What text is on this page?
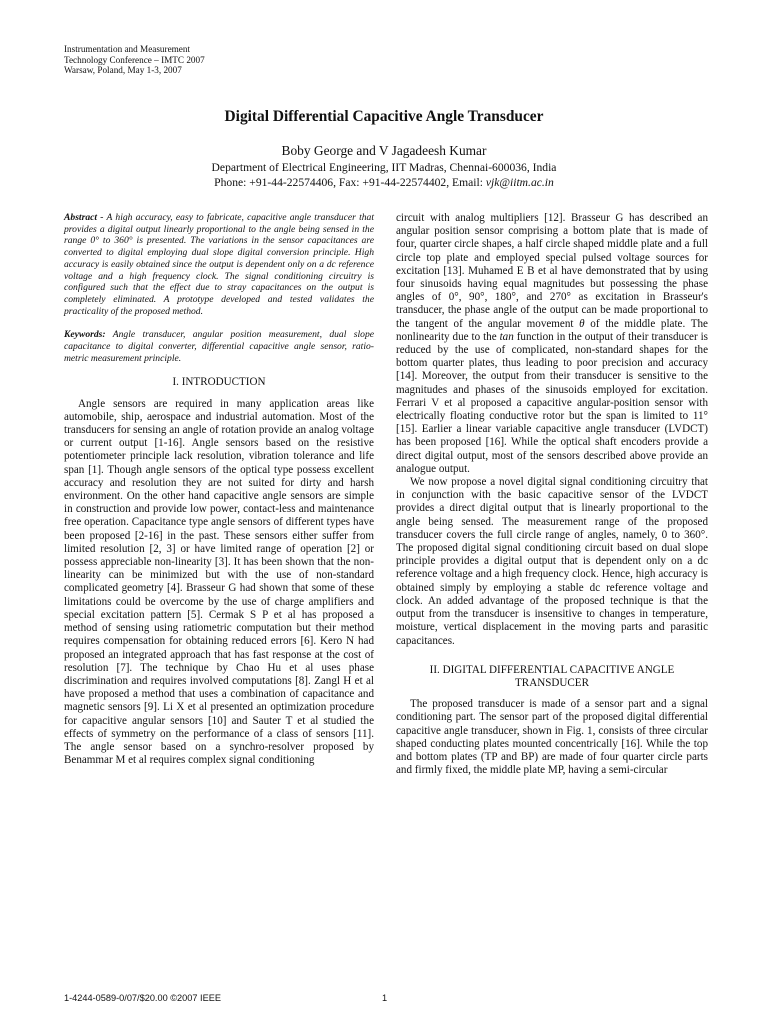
Instrumentation and Measurement
Technology Conference – IMTC 2007
Warsaw, Poland, May 1-3, 2007
Digital Differential Capacitive Angle Transducer
Boby George and V Jagadeesh Kumar
Department of Electrical Engineering, IIT Madras, Chennai-600036, India
Phone: +91-44-22574406, Fax: +91-44-22574402, Email: vjk@iitm.ac.in

Abstract - A high accuracy, easy to fabricate, capacitive angle transducer that provides a digital output linearly proportional to the angle being sensed in the range 0° to 360° is presented. The variations in the sensor capacitances are converted to digital employing dual slope digital conversion principle. High accuracy is easily obtained since the output is dependent only on a dc reference voltage and a high frequency clock. The signal conditioning circuitry is configured such that the effect due to stray capacitances on the output is completely eliminated. A prototype developed and tested validates the practicality of the proposed method.

Keywords: Angle transducer, angular position measurement, dual slope capacitance to digital converter, differential capacitive angle sensor, ratio-metric measurement principle.

I. INTRODUCTION

Angle sensors are required in many application areas like automobile, ship, aerospace and industrial automation. Most of the transducers for sensing an angle of rotation provide an analog voltage or current output [1-16]. Angle sensors based on the resistive potentiometer principle lack resolution, vibration tolerance and life span [1]. Though angle sensors of the optical type possess excellent accuracy and resolution they are not suited for dirty and harsh environment. On the other hand capacitive angle sensors are simple in construction and provide low power, contact-less and maintenance free operation. Capacitance type angle sensors of different types have been proposed [2-16] in the past. These sensors either suffer from limited resolution [2, 3] or have limited range of operation [2] or possess appreciable non-linearity [3]. It has been shown that the non-linearity can be minimized but with the use of non-standard complicated geometry [4]. Brasseur G had shown that some of these limitations could be overcome by the use of charge amplifiers and special excitation pattern [5]. Cermak S P et al has proposed a method of sensing using ratiometric computation but their method requires compensation for obtaining reduced errors [6]. Kero N had proposed an integrated approach that has fast response at the cost of resolution [7]. The technique by Chao Hu et al uses phase discrimination and requires involved computations [8]. Zangl H et al have proposed a method that uses a combination of capacitance and magnetic sensors [9]. Li X et al presented an optimization procedure for capacitive angular sensors [10] and Sauter T et al studied the effects of symmetry on the performance of a class of sensors [11]. The angle sensor based on a synchro-resolver proposed by Benammar M et al requires complex signal conditioning

circuit with analog multipliers [12]. Brasseur G has described an angular position sensor comprising a bottom plate that is made of four, quarter circle shapes, a half circle shaped middle plate and a full circle top plate and employed special pulsed voltage sources for excitation [13]. Muhamed E B et al have demonstrated that by using four sinusoids having equal magnitudes but possessing the phase angles of 0°, 90°, 180°, and 270° as excitation in Brasseur's transducer, the phase angle of the output can be made proportional to the tangent of the angular movement θ of the middle plate. The nonlinearity due to the tan function in the output of their transducer is reduced by the use of complicated, non-standard shapes for the bottom quarter plates, thus leading to poor precision and accuracy [14]. Moreover, the output from their transducer is sensitive to the magnitudes and phases of the sinusoids employed for excitation. Ferrari V et al proposed a capacitive angular-position sensor with electrically floating conductive rotor but the span is limited to 11° [15]. Earlier a linear variable capacitive angle transducer (LVDCT) has been proposed [16]. While the optical shaft encoders provide a direct digital output, most of the sensors described above provide an analogue output.

We now propose a novel digital signal conditioning circuitry that in conjunction with the basic capacitive sensor of the LVDCT provides a direct digital output that is linearly proportional to the angle being sensed. The measurement range of the proposed transducer covers the full circle range of angles, namely, 0 to 360°. The proposed digital signal conditioning circuit based on dual slope principle provides a digital output that is dependent only on a dc reference voltage and a high frequency clock. Hence, high accuracy is obtained simply by employing a stable dc reference voltage and clock. An added advantage of the proposed technique is that the output from the transducer is insensitive to changes in temperature, moisture, vertical displacement in the moving parts and parasitic capacitances.

II. DIGITAL DIFFERENTIAL CAPACITIVE ANGLE
TRANSDUCER

The proposed transducer is made of a sensor part and a signal conditioning part. The sensor part of the proposed digital differential capacitive angle transducer, shown in Fig. 1, consists of three circular shaped conducting plates mounted concentrically [16]. While the top and bottom plates (TP and BP) are made of four quarter circle parts and firmly fixed, the middle plate MP, having a semi-circular

1-4244-0589-0/07/$20.00 ©2007 IEEE	1
